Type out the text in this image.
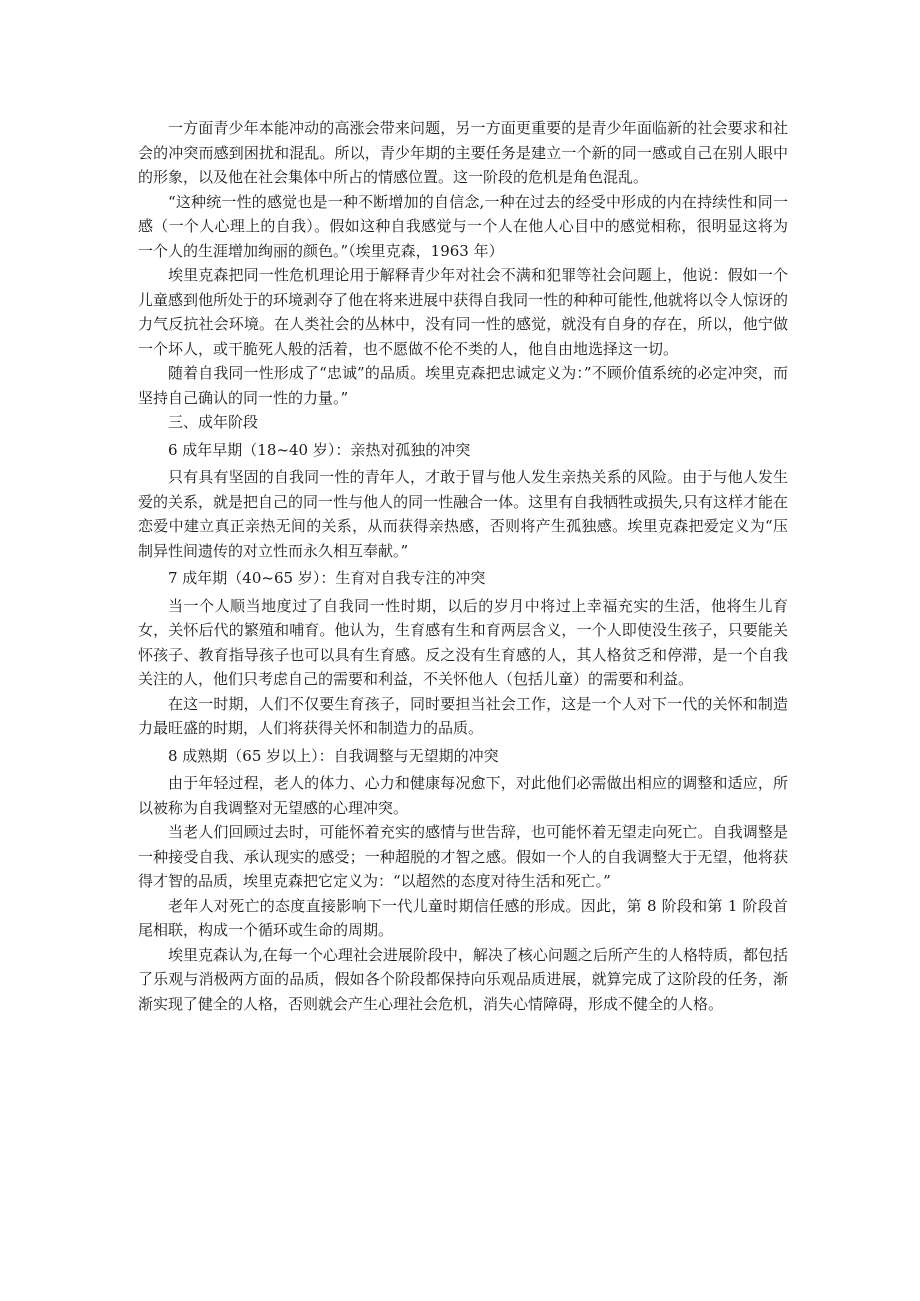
一方面青少年本能冲动的高涨会带来问题，另一方面更重要的是青少年面临新的社会要求和社会的冲突而感到困扰和混乱。所以，青少年期的主要任务是建立一个新的同一感或自己在别人眼中的形象，以及他在社会集体中所占的情感位置。这一阶段的危机是角色混乱。

“这种统一性的感觉也是一种不断增加的自信念,一种在过去的经受中形成的内在持续性和同一感（一个人心理上的自我）。假如这种自我感觉与一个人在他人心目中的感觉相称，很明显这将为一个人的生涯增加绚丽的颜色。”（埃里克森，1963 年）

埃里克森把同一性危机理论用于解释青少年对社会不满和犯罪等社会问题上，他说：假如一个儿童感到他所处于的环境剥夺了他在将来进展中获得自我同一性的种种可能性,他就将以令人惊讶的力气反抗社会环境。在人类社会的丛林中，没有同一性的感觉，就没有自身的存在，所以，他宁做一个坏人，或干脆死人般的活着，也不愿做不伦不类的人，他自由地选择这一切。

随着自我同一性形成了“忠诚”的品质。埃里克森把忠诚定义为：”不顾价值系统的必定冲突，而坚持自己确认的同一性的力量。”

三、成年阶段

6 成年早期（18~40 岁）：亲热对孤独的冲突

只有具有坚固的自我同一性的青年人，才敢于冒与他人发生亲热关系的风险。由于与他人发生爱的关系，就是把自己的同一性与他人的同一性融合一体。这里有自我牺牲或损失,只有这样才能在恋爱中建立真正亲热无间的关系，从而获得亲热感，否则将产生孤独感。埃里克森把爱定义为“压制异性间遗传的对立性而永久相互奉献。”

7 成年期（40~65 岁）：生育对自我专注的冲突

当一个人顺当地度过了自我同一性时期，以后的岁月中将过上幸福充实的生活，他将生儿育女，关怀后代的繁殖和哺育。他认为，生育感有生和育两层含义，一个人即使没生孩子，只要能关怀孩子、教育指导孩子也可以具有生育感。反之没有生育感的人，其人格贫乏和停滞，是一个自我关注的人，他们只考虑自己的需要和利益，不关怀他人（包括儿童）的需要和利益。

在这一时期，人们不仅要生育孩子，同时要担当社会工作，这是一个人对下一代的关怀和制造力最旺盛的时期，人们将获得关怀和制造力的品质。

8 成熟期（65 岁以上）：自我调整与无望期的冲突

由于年轻过程，老人的体力、心力和健康每况愈下，对此他们必需做出相应的调整和适应，所以被称为自我调整对无望感的心理冲突。

当老人们回顾过去时，可能怀着充实的感情与世告辞，也可能怀着无望走向死亡。自我调整是一种接受自我、承认现实的感受；一种超脱的才智之感。假如一个人的自我调整大于无望，他将获得才智的品质，埃里克森把它定义为：“以超然的态度对待生活和死亡。”

老年人对死亡的态度直接影响下一代儿童时期信任感的形成。因此，第 8 阶段和第 1 阶段首尾相联，构成一个循环或生命的周期。

埃里克森认为,在每一个心理社会进展阶段中，解决了核心问题之后所产生的人格特质，都包括了乐观与消极两方面的品质，假如各个阶段都保持向乐观品质进展，就算完成了这阶段的任务，渐渐实现了健全的人格，否则就会产生心理社会危机，消失心情障碍，形成不健全的人格。
